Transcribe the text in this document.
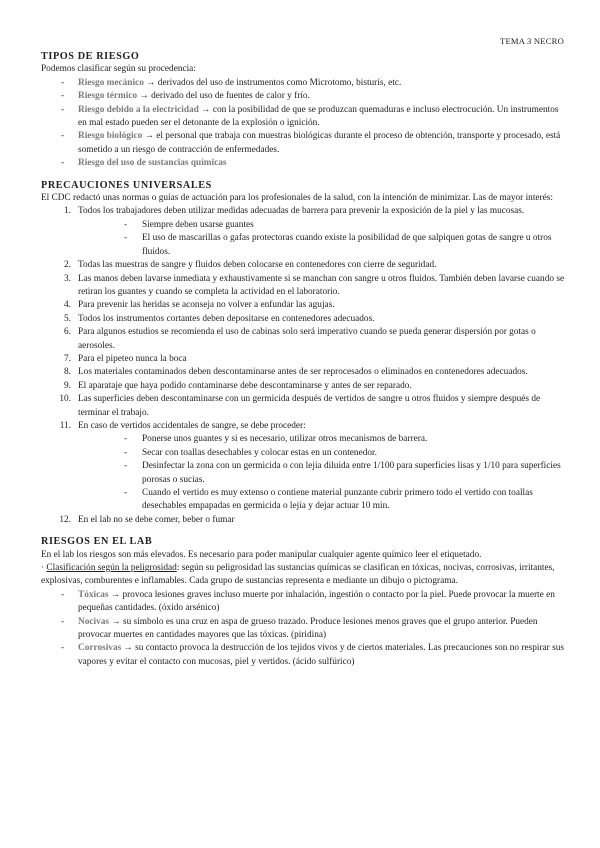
TEMA 3 NECRO

TIPOS DE RIESGO

Podemos clasificar según su procedencia:

- Riesgo mecánico → derivados del uso de instrumentos como Microtomo, bisturís, etc.
- Riesgo térmico → derivado del uso de fuentes de calor y frío.
- Riesgo debido a la electricidad → con la posibilidad de que se produzcan quemaduras e incluso electrocución. Un instrumentos en mal estado pueden ser el detonante de la explosión o ignición.
- Riesgo biológico → el personal que trabaja con muestras biológicas durante el proceso de obtención, transporte y procesado, está sometido a un riesgo de contracción de enfermedades.
- Riesgo del uso de sustancias químicas

PRECAUCIONES UNIVERSALES

El CDC redactó unas normas o guías de actuación para los profesionales de la salud, con la intención de minimizar. Las de mayor interés:

1. Todos los trabajadores deben utilizar medidas adecuadas de barrera para prevenir la exposición de la piel y las mucosas.
- Siempre deben usarse guantes
- El uso de mascarillas o gafas protectoras cuando existe la posibilidad de que salpiquen gotas de sangre u otros fluidos.
2. Todas las muestras de sangre y fluidos deben colocarse en contenedores con cierre de seguridad.
3. Las manos deben lavarse inmediata y exhaustivamente si se manchan con sangre u otros fluidos. También deben lavarse cuando se retiran los guantes y cuando se completa la actividad en el laboratorio.
4. Para prevenir las heridas se aconseja no volver a enfundar las agujas.
5. Todos los instrumentos cortantes deben depositarse en contenedores adecuados.
6. Para algunos estudios se recomienda el uso de cabinas solo será imperativo cuando se pueda generar dispersión por gotas o aerosoles.
7. Para el pipeteo nunca la boca
8. Los materiales contaminados deben descontaminarse antes de ser reprocesados o eliminados en contenedores adecuados.
9. El aparataje que haya podido contaminarse debe descontaminarse y antes de ser reparado.
10. Las superficies deben descontaminarse con un germicida después de vertidos de sangre u otros fluidos y siempre después de terminar el trabajo.
11. En caso de vertidos accidentales de sangre, se debe proceder:
- Ponerse unos guantes y si es necesario, utilizar otros mecanismos de barrera.
- Secar con toallas desechables y colocar estas en un contenedor.
- Desinfectar la zona con un germicida o con lejía diluida entre 1/100 para superficies lisas y 1/10 para superficies porosas o sucias.
- Cuando el vertido es muy extenso o contiene material punzante cubrir primero todo el vertido con toallas desechables empapadas en germicida o lejía y dejar actuar 10 min.
12. En el lab no se debe comer, beber o fumar

RIESGOS EN EL LAB

En el lab los riesgos son más elevados. Es necesario para poder manipular cualquier agente químico leer el etiquetado.

· Clasificación según la peligrosidad: según su peligrosidad las sustancias químicas se clasifican en tóxicas, nocivas, corrosivas, irritantes, explosivas, comburentes e inflamables. Cada grupo de sustancias representa e mediante un dibujo o pictograma.

- Tóxicas → provoca lesiones graves incluso muerte por inhalación, ingestión o contacto por la piel. Puede provocar la muerte en pequeñas cantidades. (óxido arsénico)
- Nocivas → su símbolo es una cruz en aspa de grueso trazado. Produce lesiones menos graves que el grupo anterior. Pueden provocar muertes en cantidades mayores que las tóxicas. (piridina)
- Corrosivas → su contacto provoca la destrucción de los tejidos vivos y de ciertos materiales. Las precauciones son no respirar sus vapores y evitar el contacto con mucosas, piel y vertidos. (ácido sulfúrico)
